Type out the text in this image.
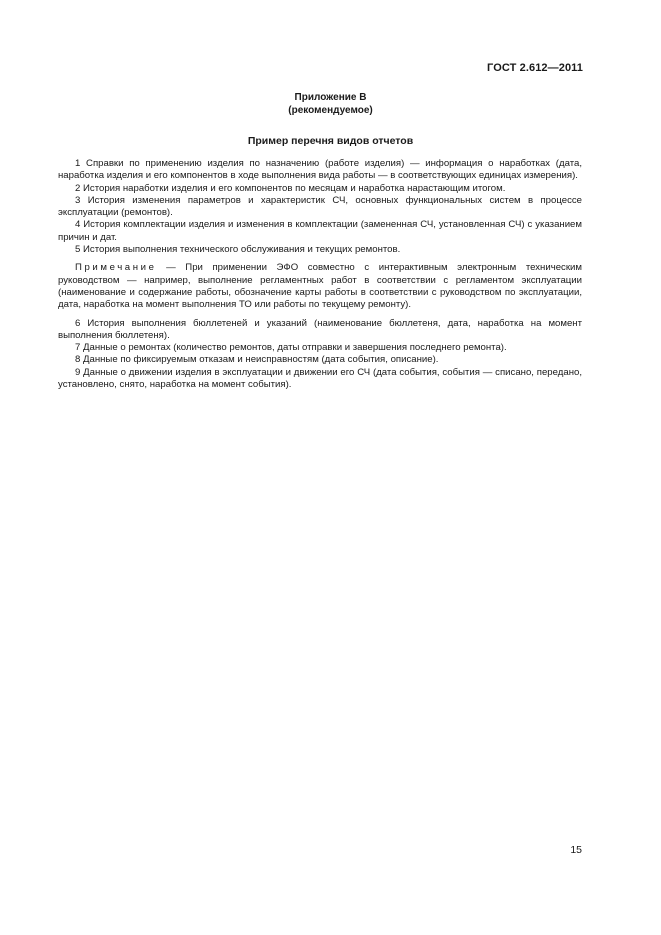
ГОСТ 2.612—2011
Приложение В
(рекомендуемое)
Пример перечня видов отчетов

1 Справки по применению изделия по назначению (работе изделия) — информация о наработках (дата, наработка изделия и его компонентов в ходе выполнения вида работы — в соответствующих единицах измерения).

2 История наработки изделия и его компонентов по месяцам и наработка нарастающим итогом.

3 История изменения параметров и характеристик СЧ, основных функциональных систем в процессе эксплуатации (ремонтов).

4 История комплектации изделия и изменения в комплектации (замененная СЧ, установленная СЧ) с указанием причин и дат.

5 История выполнения технического обслуживания и текущих ремонтов.

Примечание — При применении ЭФО совместно с интерактивным электронным техническим руководством — например, выполнение регламентных работ в соответствии с регламентом эксплуатации (наименование и содержание работы, обозначение карты работы в соответствии с руководством по эксплуатации, дата, наработка на момент выполнения ТО или работы по текущему ремонту).

6 История выполнения бюллетеней и указаний (наименование бюллетеня, дата, наработка на момент выполнения бюллетеня).

7 Данные о ремонтах (количество ремонтов, даты отправки и завершения последнего ремонта).

8 Данные по фиксируемым отказам и неисправностям (дата события, описание).

9 Данные о движении изделия в эксплуатации и движении его СЧ (дата события, события — списано, передано, установлено, снято, наработка на момент события).

15
